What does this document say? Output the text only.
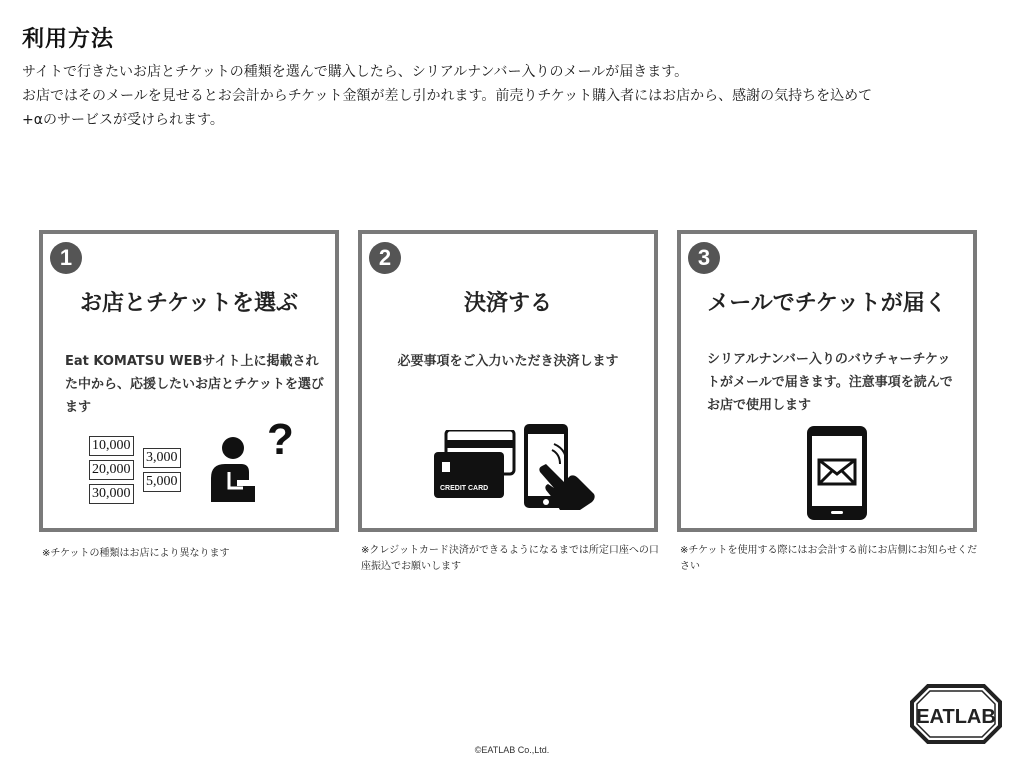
利用方法
サイトで行きたいお店とチケットの種類を選んで購入したら、シリアルナンバー入りのメールが届きます。
お店ではそのメールを見せるとお会計からチケット金額が差し引かれます。前売りチケット購入者にはお店から、感謝の気持ちを込めて
+αのサービスが受けられます。
1
お店とチケットを選ぶ
Eat KOMATSU WEBサイト上に掲載された中から、応援したいお店とチケットを選びます
10,000
20,000
30,000
3,000
5,000
?
2
決済する
必要事項をご入力いただき決済します
CREDIT CARD
3
メールでチケットが届く
シリアルナンバー入りのバウチャーチケットがメールで届きます。注意事項を読んでお店で使用します
※チケットの種類はお店により異なります	※クレジットカード決済ができるようになるまでは所定口座への口座振込でお願いします
※チケットを使用する際にはお会計する前にお店側にお知らせください
EATLAB
©EATLAB Co.,Ltd.
